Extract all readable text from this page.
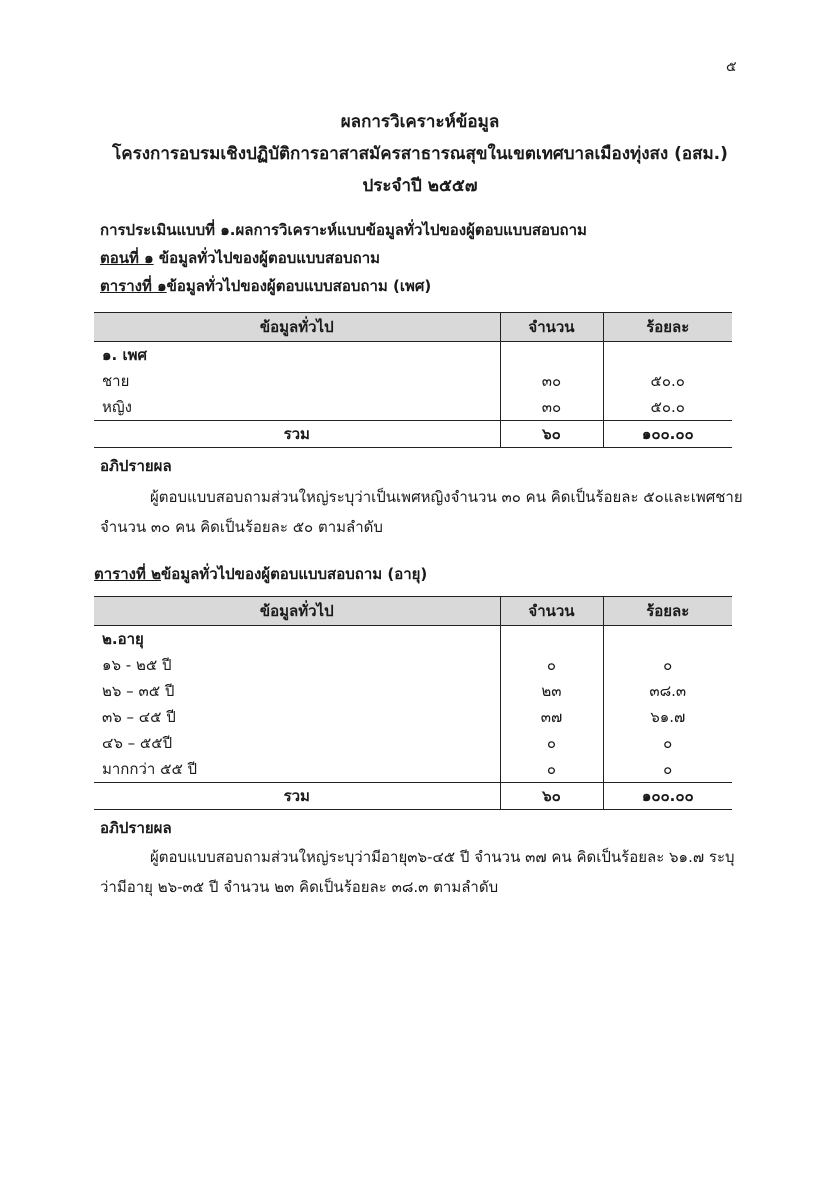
๕
ผลการวิเคราะห์ข้อมูล
โครงการอบรมเชิงปฏิบัติการอาสาสมัครสาธารณสุขในเขตเทศบาลเมืองทุ่งสง (อสม.)
ประจำปี ๒๕๕๗
การประเมินแบบที่ ๑.ผลการวิเคราะห์แบบข้อมูลทั่วไปของผู้ตอบแบบสอบถาม
ตอนที่ ๑ ข้อมูลทั่วไปของผู้ตอบแบบสอบถาม
ตารางที่ ๑ข้อมูลทั่วไปของผู้ตอบแบบสอบถาม (เพศ)
ข้อมูลทั่วไป	จำนวน	ร้อยละ
๑. เพศ		
ชาย	๓๐	๕๐.๐
หญิง	๓๐	๕๐.๐
รวม	๖๐	๑๐๐.๐๐
อภิปรายผล
ผู้ตอบแบบสอบถามส่วนใหญ่ระบุว่าเป็นเพศหญิงจำนวน ๓๐ คน คิดเป็นร้อยละ ๕๐และเพศชาย จำนวน ๓๐ คน คิดเป็นร้อยละ ๕๐ ตามลำดับ
ตารางที่ ๒ข้อมูลทั่วไปของผู้ตอบแบบสอบถาม (อายุ)
ข้อมูลทั่วไป	จำนวน	ร้อยละ
๒.อายุ		
๑๖ - ๒๕ ปี	๐	๐
๒๖ – ๓๕ ปี	๒๓	๓๘.๓
๓๖ – ๔๕ ปี	๓๗	๖๑.๗
๔๖ – ๕๕ปี	๐	๐
มากกว่า ๕๕ ปี	๐	๐
รวม	๖๐	๑๐๐.๐๐
อภิปรายผล
ผู้ตอบแบบสอบถามส่วนใหญ่ระบุว่ามีอายุ๓๖-๔๕ ปี จำนวน ๓๗ คน คิดเป็นร้อยละ ๖๑.๗ ระบุว่ามีอายุ ๒๖-๓๕ ปี จำนวน ๒๓ คิดเป็นร้อยละ ๓๘.๓ ตามลำดับ
